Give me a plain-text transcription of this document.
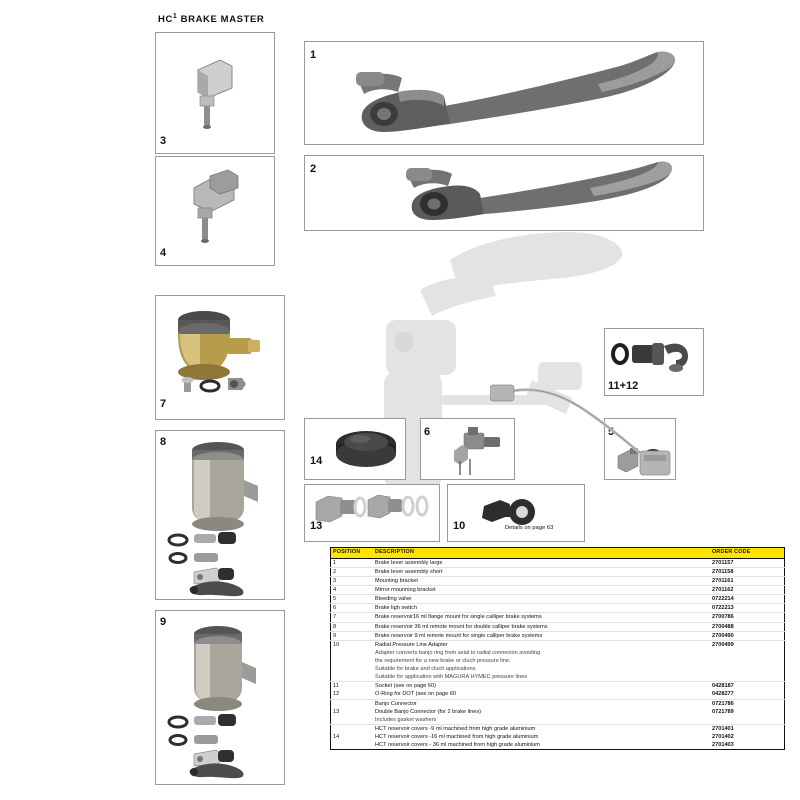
$HC^1$ BRAKE MASTER
1
2
3
4
7
8
9
11+12
5
6
14
13	10	Details on page 63
POSITION	DESCRIPTION	ORDER CODE
1	Brake lever assembly large	2701157
2	Brake lever assembly short	2701158
3	Mounting bracket	2701161
4	Mirror mounning bracket	2701162
5	Bleeding valve	0722214
6	Brake ligh switch	0722213
7	Brake reservoir16 ml flange mount for single calliper brake systems	2700786
8	Brake reservoir 36 ml remote mount for double calliper brake systems	2700488
9	Brake reservoir 9 ml remote mount for single calliper brake systems	2700490
10	Radial Pressure Line Adapter	2700499
	Adapter converts banjo ring from axial to radial connecion avoiding	
	the requirement for a new brake or cluch pressure line.	
	Suitable for brake and cluch applications	
	Suitable for application with MAGURA HYMEC pressure lines	
11	Socket (see on page 60)	0428187
12	O-Ring for DOT (see on page 60	0428277
	Banjo Connector	0721786
13	Double Banjo Connector (for 2 brake lines)	0721789
	Includes gasket washers	
	HCT reservoir covers -9 ml machined from high grade aluminium	2701401
14	HCT reservoir covers -16 ml machined from high grade aluminium	2701402
	HCT reservoir covers - 36 ml machined from high grade aluminium	2701403
